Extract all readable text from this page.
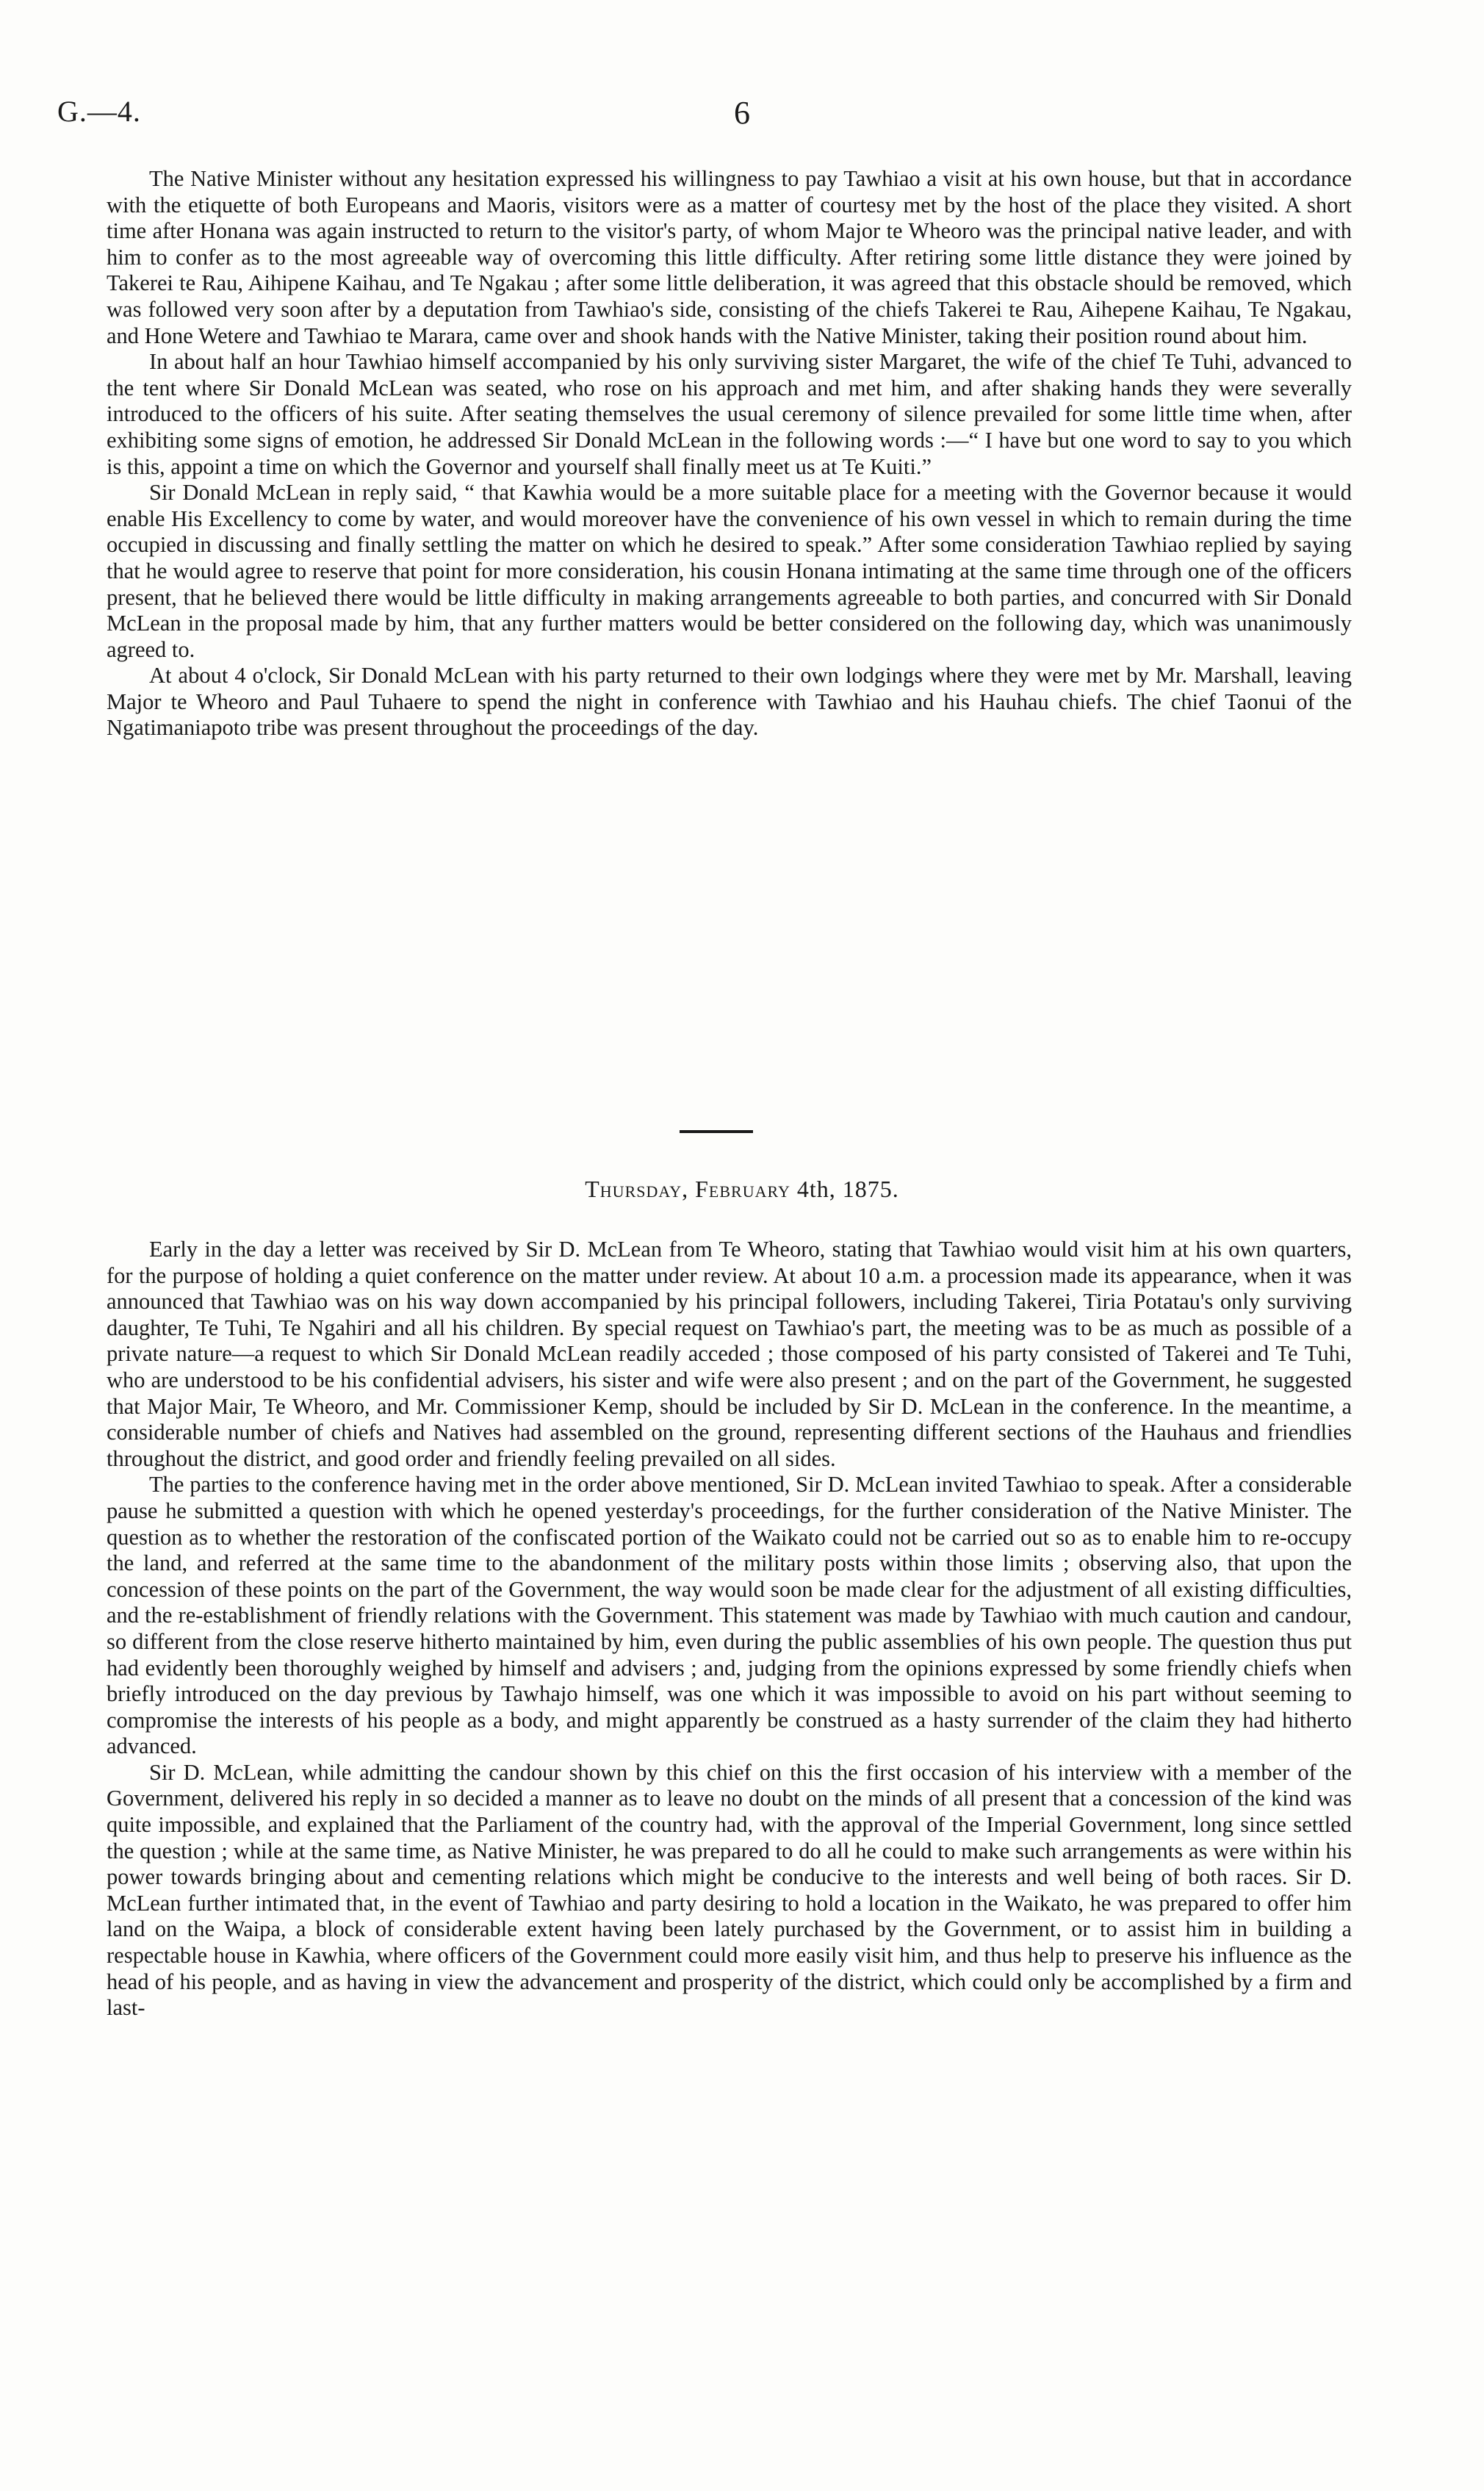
G.—4.	6

The Native Minister without any hesitation expressed his willingness to pay Tawhiao a visit at his own house, but that in accordance with the etiquette of both Europeans and Maoris, visitors were as a matter of courtesy met by the host of the place they visited. A short time after Honana was again instructed to return to the visitor's party, of whom Major te Wheoro was the principal native leader, and with him to confer as to the most agreeable way of overcoming this little difficulty. After retiring some little distance they were joined by Takerei te Rau, Aihipene Kaihau, and Te Ngakau ; after some little deliberation, it was agreed that this obstacle should be removed, which was followed very soon after by a deputation from Tawhiao's side, consisting of the chiefs Takerei te Rau, Aihepene Kaihau, Te Ngakau, and Hone Wetere and Tawhiao te Marara, came over and shook hands with the Native Minister, taking their position round about him.

In about half an hour Tawhiao himself accompanied by his only surviving sister Margaret, the wife of the chief Te Tuhi, advanced to the tent where Sir Donald McLean was seated, who rose on his approach and met him, and after shaking hands they were severally introduced to the officers of his suite. After seating themselves the usual ceremony of silence prevailed for some little time when, after exhibiting some signs of emotion, he addressed Sir Donald McLean in the following words :—“ I have but one word to say to you which is this, appoint a time on which the Governor and yourself shall finally meet us at Te Kuiti.”

Sir Donald McLean in reply said, “ that Kawhia would be a more suitable place for a meeting with the Governor because it would enable His Excellency to come by water, and would moreover have the convenience of his own vessel in which to remain during the time occupied in discussing and finally settling the matter on which he desired to speak.” After some consideration Tawhiao replied by saying that he would agree to reserve that point for more consideration, his cousin Honana intimating at the same time through one of the officers present, that he believed there would be little difficulty in making arrangements agreeable to both parties, and concurred with Sir Donald McLean in the proposal made by him, that any further matters would be better considered on the following day, which was unanimously agreed to.

At about 4 o'clock, Sir Donald McLean with his party returned to their own lodgings where they were met by Mr. Marshall, leaving Major te Wheoro and Paul Tuhaere to spend the night in conference with Tawhiao and his Hauhau chiefs. The chief Taonui of the Ngatimaniapoto tribe was present throughout the proceedings of the day.

Thursday, February 4th, 1875.

Early in the day a letter was received by Sir D. McLean from Te Wheoro, stating that Tawhiao would visit him at his own quarters, for the purpose of holding a quiet conference on the matter under review. At about 10 a.m. a procession made its appearance, when it was announced that Tawhiao was on his way down accompanied by his principal followers, including Takerei, Tiria Potatau's only surviving daughter, Te Tuhi, Te Ngahiri and all his children. By special request on Tawhiao's part, the meeting was to be as much as possible of a private nature—a request to which Sir Donald McLean readily acceded ; those composed of his party consisted of Takerei and Te Tuhi, who are understood to be his confidential advisers, his sister and wife were also present ; and on the part of the Government, he suggested that Major Mair, Te Wheoro, and Mr. Commissioner Kemp, should be included by Sir D. McLean in the conference. In the meantime, a considerable number of chiefs and Natives had assembled on the ground, representing different sections of the Hauhaus and friendlies throughout the district, and good order and friendly feeling prevailed on all sides.

The parties to the conference having met in the order above mentioned, Sir D. McLean invited Tawhiao to speak. After a considerable pause he submitted a question with which he opened yesterday's proceedings, for the further consideration of the Native Minister. The question as to whether the restoration of the confiscated portion of the Waikato could not be carried out so as to enable him to re-occupy the land, and referred at the same time to the abandonment of the military posts within those limits ; observing also, that upon the concession of these points on the part of the Government, the way would soon be made clear for the adjustment of all existing difficulties, and the re-establishment of friendly relations with the Government. This statement was made by Tawhiao with much caution and candour, so different from the close reserve hitherto maintained by him, even during the public assemblies of his own people. The question thus put had evidently been thoroughly weighed by himself and advisers ; and, judging from the opinions expressed by some friendly chiefs when briefly introduced on the day previous by Tawhajo himself, was one which it was impossible to avoid on his part without seeming to compromise the interests of his people as a body, and might apparently be construed as a hasty surrender of the claim they had hitherto advanced.

Sir D. McLean, while admitting the candour shown by this chief on this the first occasion of his interview with a member of the Government, delivered his reply in so decided a manner as to leave no doubt on the minds of all present that a concession of the kind was quite impossible, and explained that the Parliament of the country had, with the approval of the Imperial Government, long since settled the question ; while at the same time, as Native Minister, he was prepared to do all he could to make such arrangements as were within his power towards bringing about and cementing relations which might be conducive to the interests and well being of both races. Sir D. McLean further intimated that, in the event of Tawhiao and party desiring to hold a location in the Waikato, he was prepared to offer him land on the Waipa, a block of considerable extent having been lately purchased by the Government, or to assist him in building a respectable house in Kawhia, where officers of the Government could more easily visit him, and thus help to preserve his influence as the head of his people, and as having in view the advancement and prosperity of the district, which could only be accomplished by a firm and last-
